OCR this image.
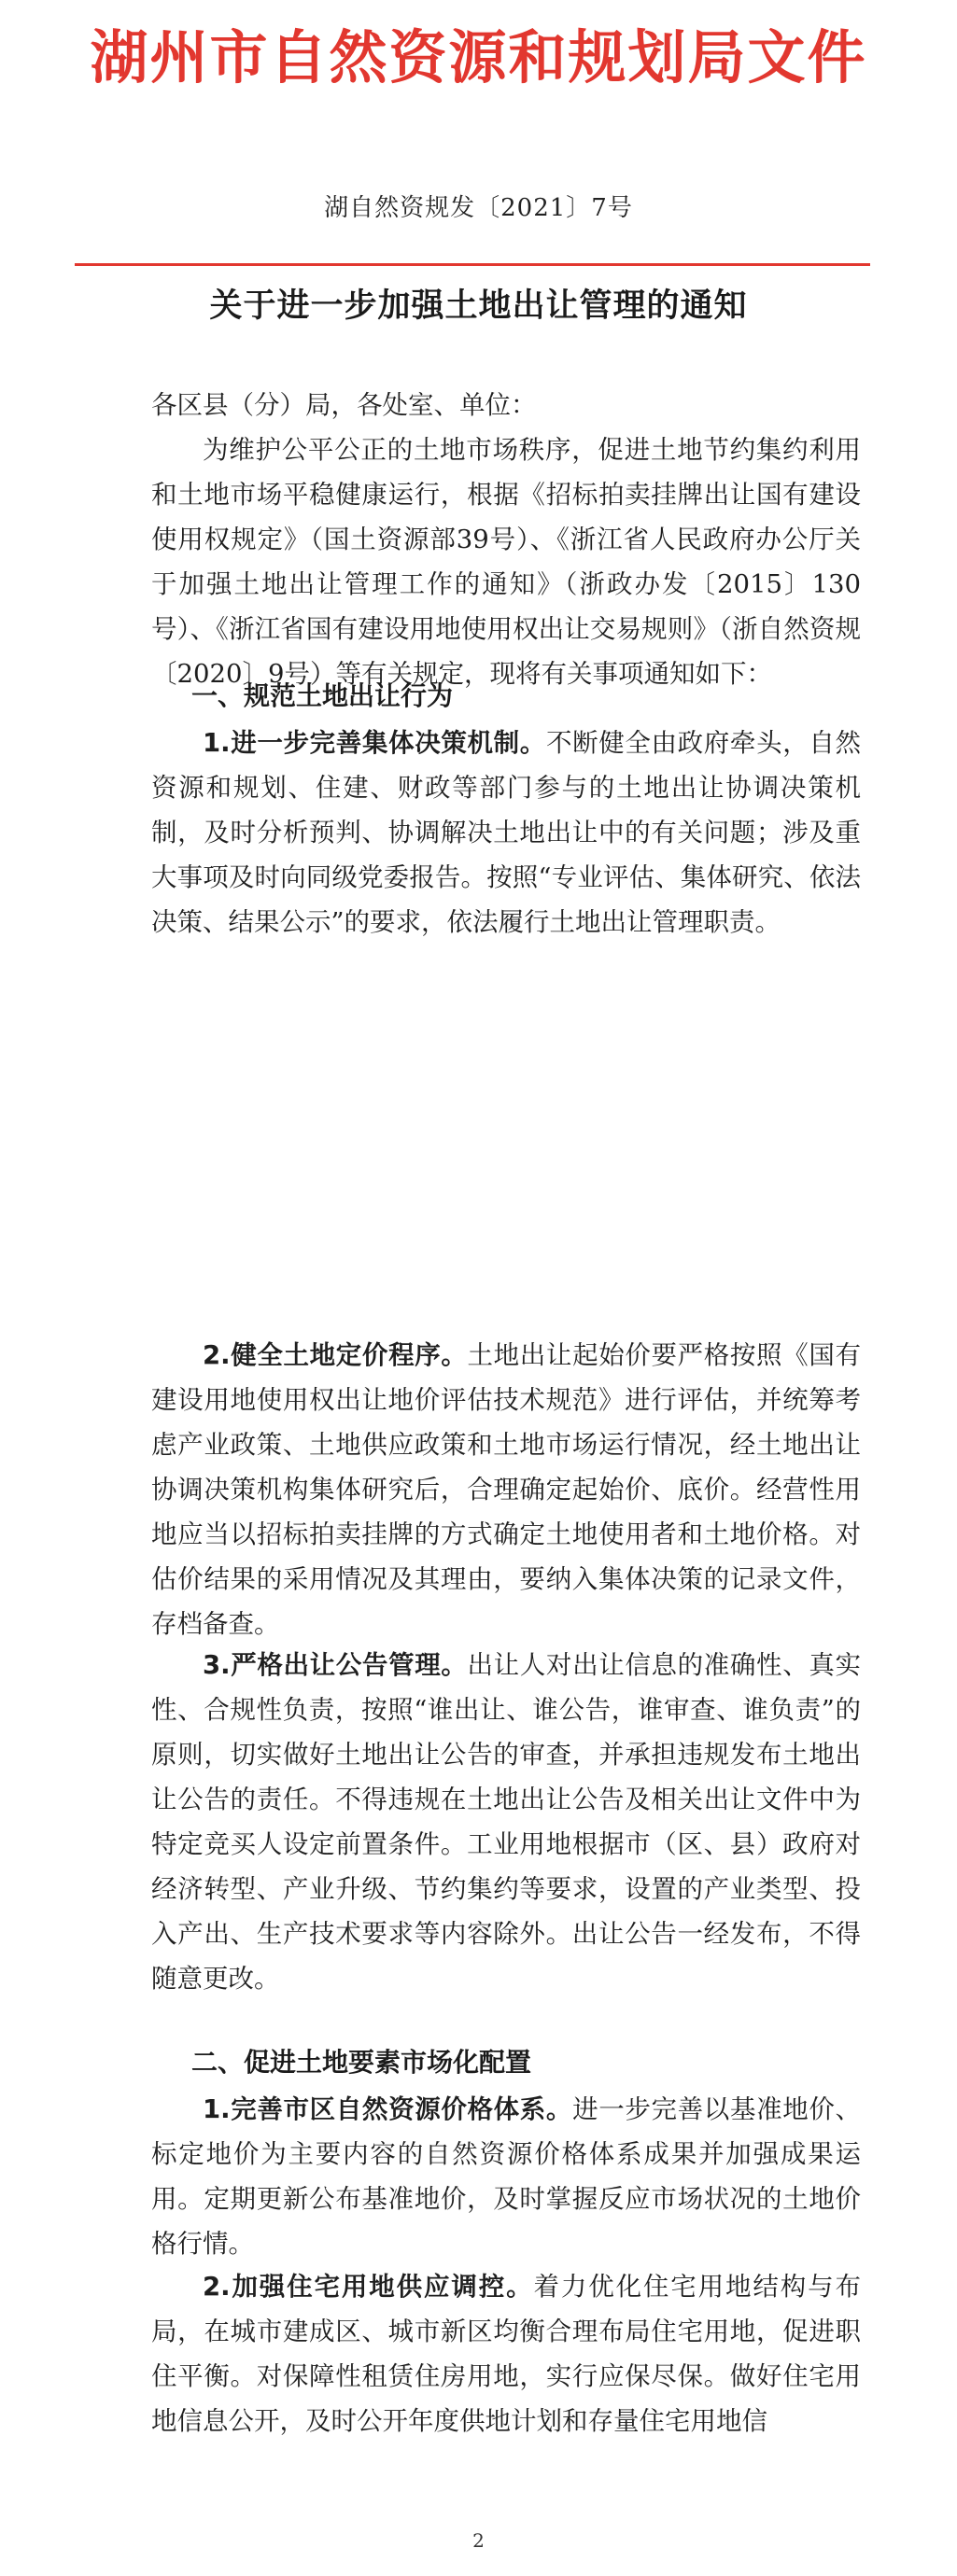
湖州市自然资源和规划局文件
湖自然资规发〔2021〕7号
关于进一步加强土地出让管理的通知
各区县（分）局，各处室、单位：
为维护公平公正的土地市场秩序，促进土地节约集约利用和土地市场平稳健康运行，根据《招标拍卖挂牌出让国有建设使用权规定》（国土资源部39号）、《浙江省人民政府办公厅关于加强土地出让管理工作的通知》（浙政办发〔2015〕130 号）、《浙江省国有建设用地使用权出让交易规则》（浙自然资规〔2020〕9号）等有关规定，现将有关事项通知如下：
一、规范土地出让行为
1.进一步完善集体决策机制。不断健全由政府牵头，自然资源和规划、住建、财政等部门参与的土地出让协调决策机制，及时分析预判、协调解决土地出让中的有关问题；涉及重大事项及时向同级党委报告。按照“专业评估、集体研究、依法决策、结果公示”的要求，依法履行土地出让管理职责。
2.健全土地定价程序。土地出让起始价要严格按照《国有建设用地使用权出让地价评估技术规范》进行评估，并统筹考虑产业政策、土地供应政策和土地市场运行情况，经土地出让协调决策机构集体研究后，合理确定起始价、底价。经营性用地应当以招标拍卖挂牌的方式确定土地使用者和土地价格。对估价结果的采用情况及其理由，要纳入集体决策的记录文件，存档备查。
3.严格出让公告管理。出让人对出让信息的准确性、真实性、合规性负责，按照“谁出让、谁公告，谁审查、谁负责”的原则，切实做好土地出让公告的审查，并承担违规发布土地出让公告的责任。不得违规在土地出让公告及相关出让文件中为特定竞买人设定前置条件。工业用地根据市（区、县）政府对经济转型、产业升级、节约集约等要求，设置的产业类型、投入产出、生产技术要求等内容除外。出让公告一经发布，不得随意更改。
二、促进土地要素市场化配置
1.完善市区自然资源价格体系。进一步完善以基准地价、标定地价为主要内容的自然资源价格体系成果并加强成果运用。定期更新公布基准地价，及时掌握反应市场状况的土地价格行情。
2.加强住宅用地供应调控。着力优化住宅用地结构与布局，在城市建成区、城市新区均衡合理布局住宅用地，促进职住平衡。对保障性租赁住房用地，实行应保尽保。做好住宅用地信息公开，及时公开年度供地计划和存量住宅用地信
2
